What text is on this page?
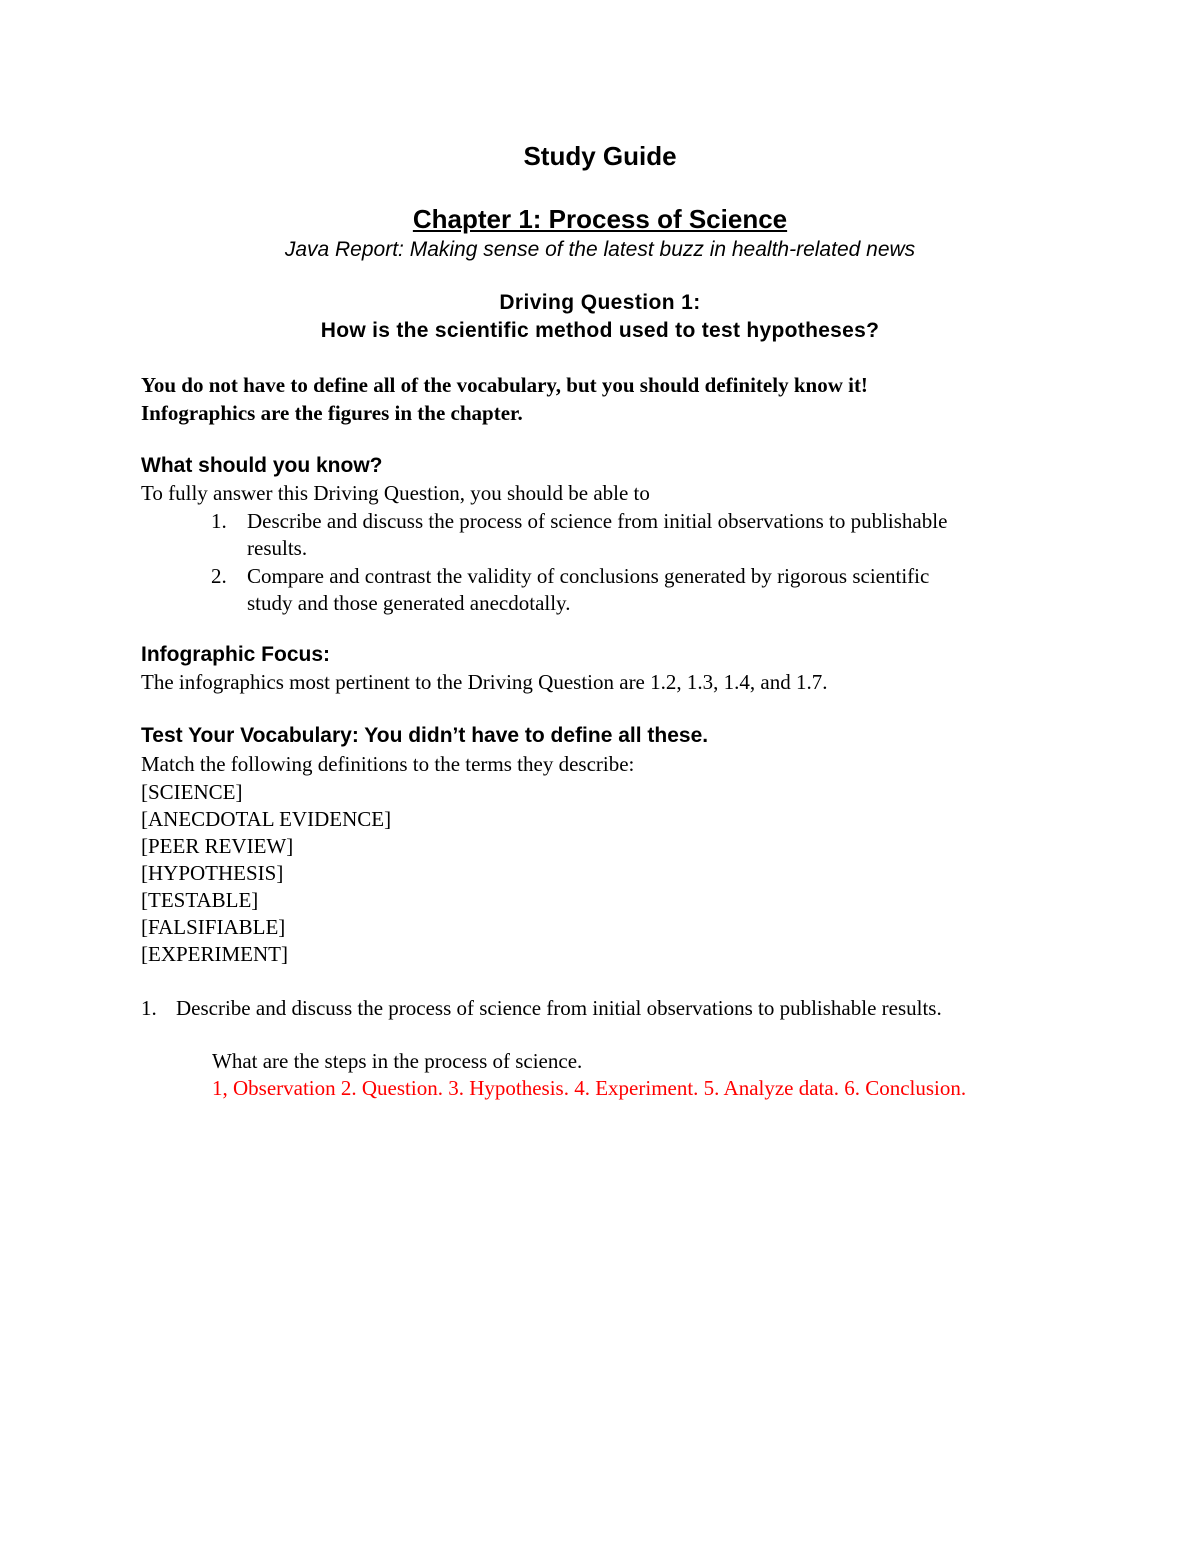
Study Guide
Chapter 1: Process of Science
Java Report: Making sense of the latest buzz in health-related news
Driving Question 1:
How is the scientific method used to test hypotheses?
You do not have to define all of the vocabulary, but you should definitely know it!
Infographics are the figures in the chapter.
What should you know?
To fully answer this Driving Question, you should be able to
1. Describe and discuss the process of science from initial observations to publishable
results.
2. Compare and contrast the validity of conclusions generated by rigorous scientific
study and those generated anecdotally.
Infographic Focus:
The infographics most pertinent to the Driving Question are 1.2, 1.3, 1.4, and 1.7.
Test Your Vocabulary: You didn’t have to define all these.
Match the following definitions to the terms they describe:
[SCIENCE]
[ANECDOTAL EVIDENCE]
[PEER REVIEW]
[HYPOTHESIS]
[TESTABLE]
[FALSIFIABLE]
[EXPERIMENT]
1. Describe and discuss the process of science from initial observations to publishable results.
What are the steps in the process of science.
1, Observation 2. Question. 3. Hypothesis. 4. Experiment. 5. Analyze data. 6. Conclusion.
